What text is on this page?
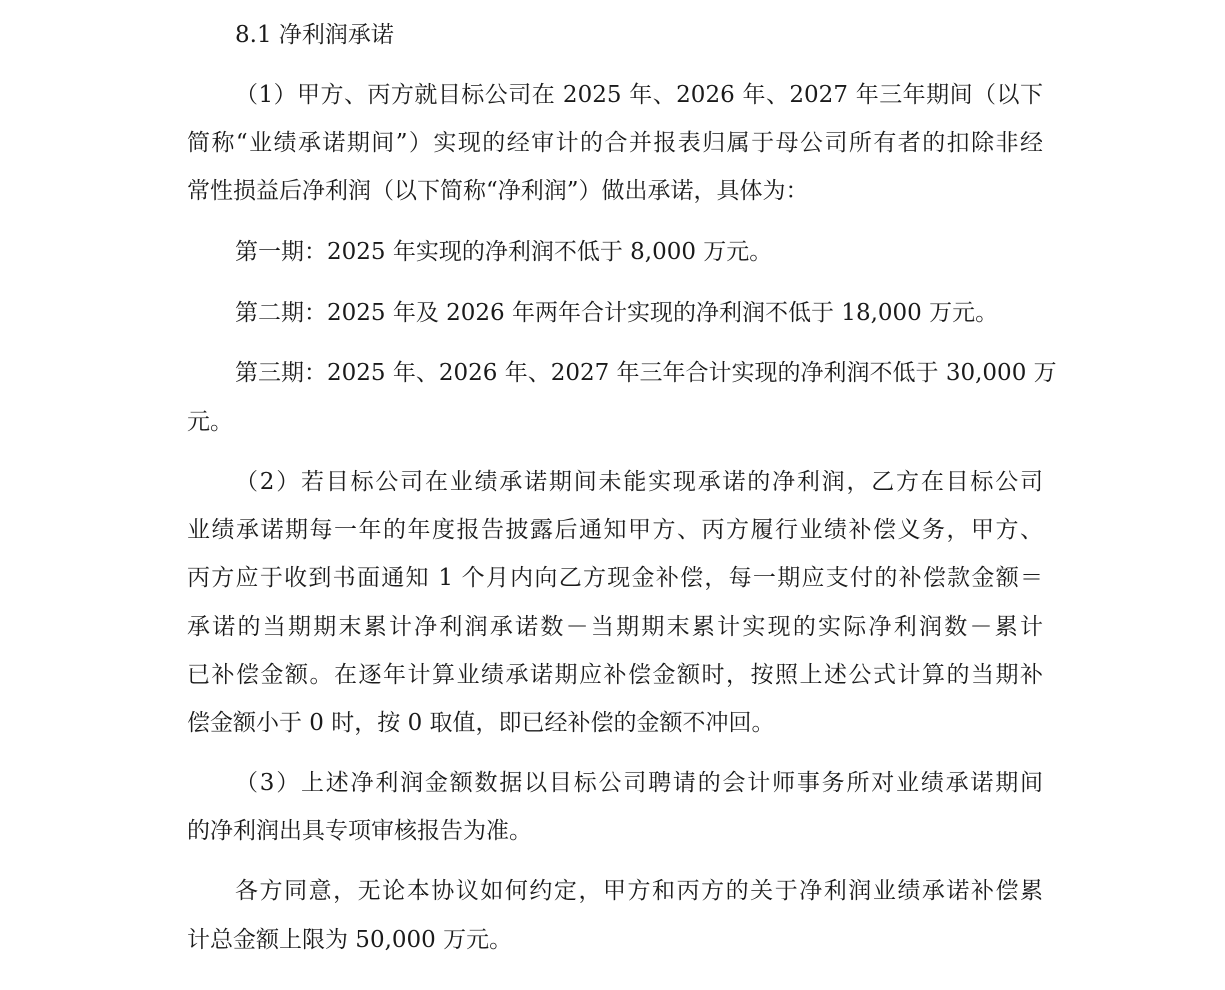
8.1 净利润承诺
（1）甲方、丙方就目标公司在 2025 年、2026 年、2027 年三年期间（以下
简称“业绩承诺期间”）实现的经审计的合并报表归属于母公司所有者的扣除非经
常性损益后净利润（以下简称“净利润”）做出承诺，具体为：
第一期：2025 年实现的净利润不低于 8,000 万元。
第二期：2025 年及 2026 年两年合计实现的净利润不低于 18,000 万元。
第三期：2025 年、2026 年、2027 年三年合计实现的净利润不低于 30,000 万
元。
（2）若目标公司在业绩承诺期间未能实现承诺的净利润，乙方在目标公司
业绩承诺期每一年的年度报告披露后通知甲方、丙方履行业绩补偿义务，甲方、
丙方应于收到书面通知 1 个月内向乙方现金补偿，每一期应支付的补偿款金额＝
承诺的当期期末累计净利润承诺数－当期期末累计实现的实际净利润数－累计
已补偿金额。在逐年计算业绩承诺期应补偿金额时，按照上述公式计算的当期补
偿金额小于 0 时，按 0 取值，即已经补偿的金额不冲回。
（3）上述净利润金额数据以目标公司聘请的会计师事务所对业绩承诺期间
的净利润出具专项审核报告为准。
各方同意，无论本协议如何约定，甲方和丙方的关于净利润业绩承诺补偿累
计总金额上限为 50,000 万元。
